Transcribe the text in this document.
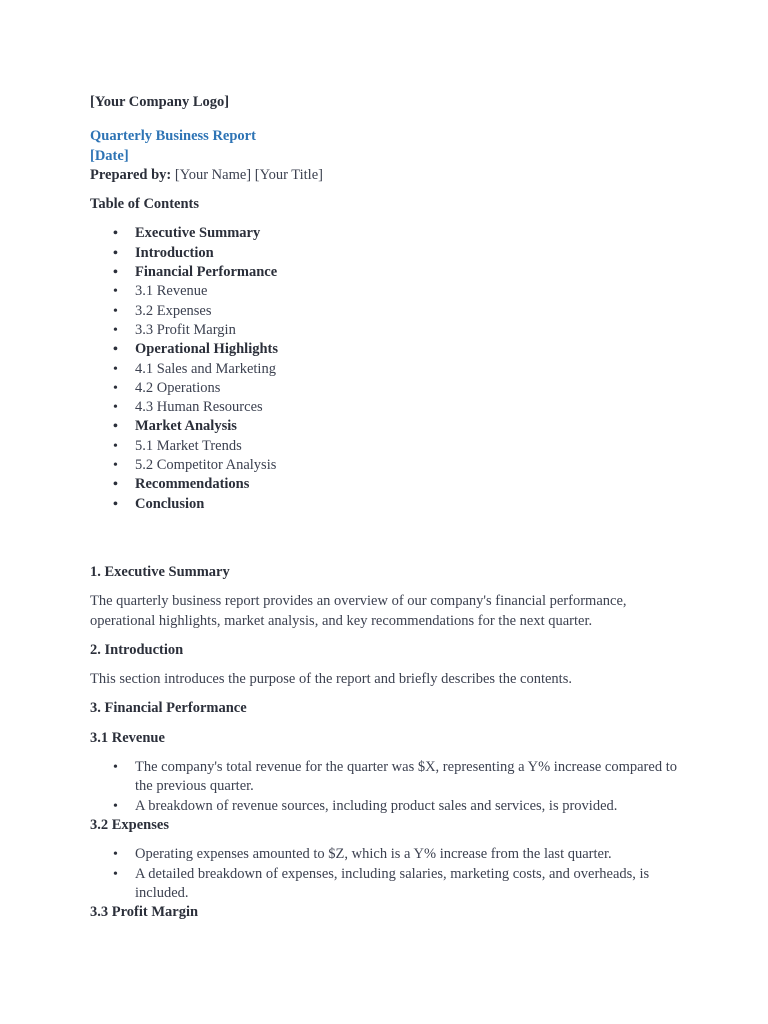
[Your Company Logo]

Quarterly Business Report

[Date]

Prepared by: [Your Name] [Your Title]

Table of Contents

• Executive Summary
• Introduction
• Financial Performance
• 3.1 Revenue
• 3.2 Expenses
• 3.3 Profit Margin
• Operational Highlights
• 4.1 Sales and Marketing
• 4.2 Operations
• 4.3 Human Resources
• Market Analysis
• 5.1 Market Trends
• 5.2 Competitor Analysis
• Recommendations
• Conclusion

1. Executive Summary

The quarterly business report provides an overview of our company's financial performance, operational highlights, market analysis, and key recommendations for the next quarter.

2. Introduction

This section introduces the purpose of the report and briefly describes the contents.

3. Financial Performance

3.1 Revenue

• The company's total revenue for the quarter was $X, representing a Y% increase compared to the previous quarter.
• A breakdown of revenue sources, including product sales and services, is provided.

3.2 Expenses

• Operating expenses amounted to $Z, which is a Y% increase from the last quarter.
• A detailed breakdown of expenses, including salaries, marketing costs, and overheads, is included.

3.3 Profit Margin
